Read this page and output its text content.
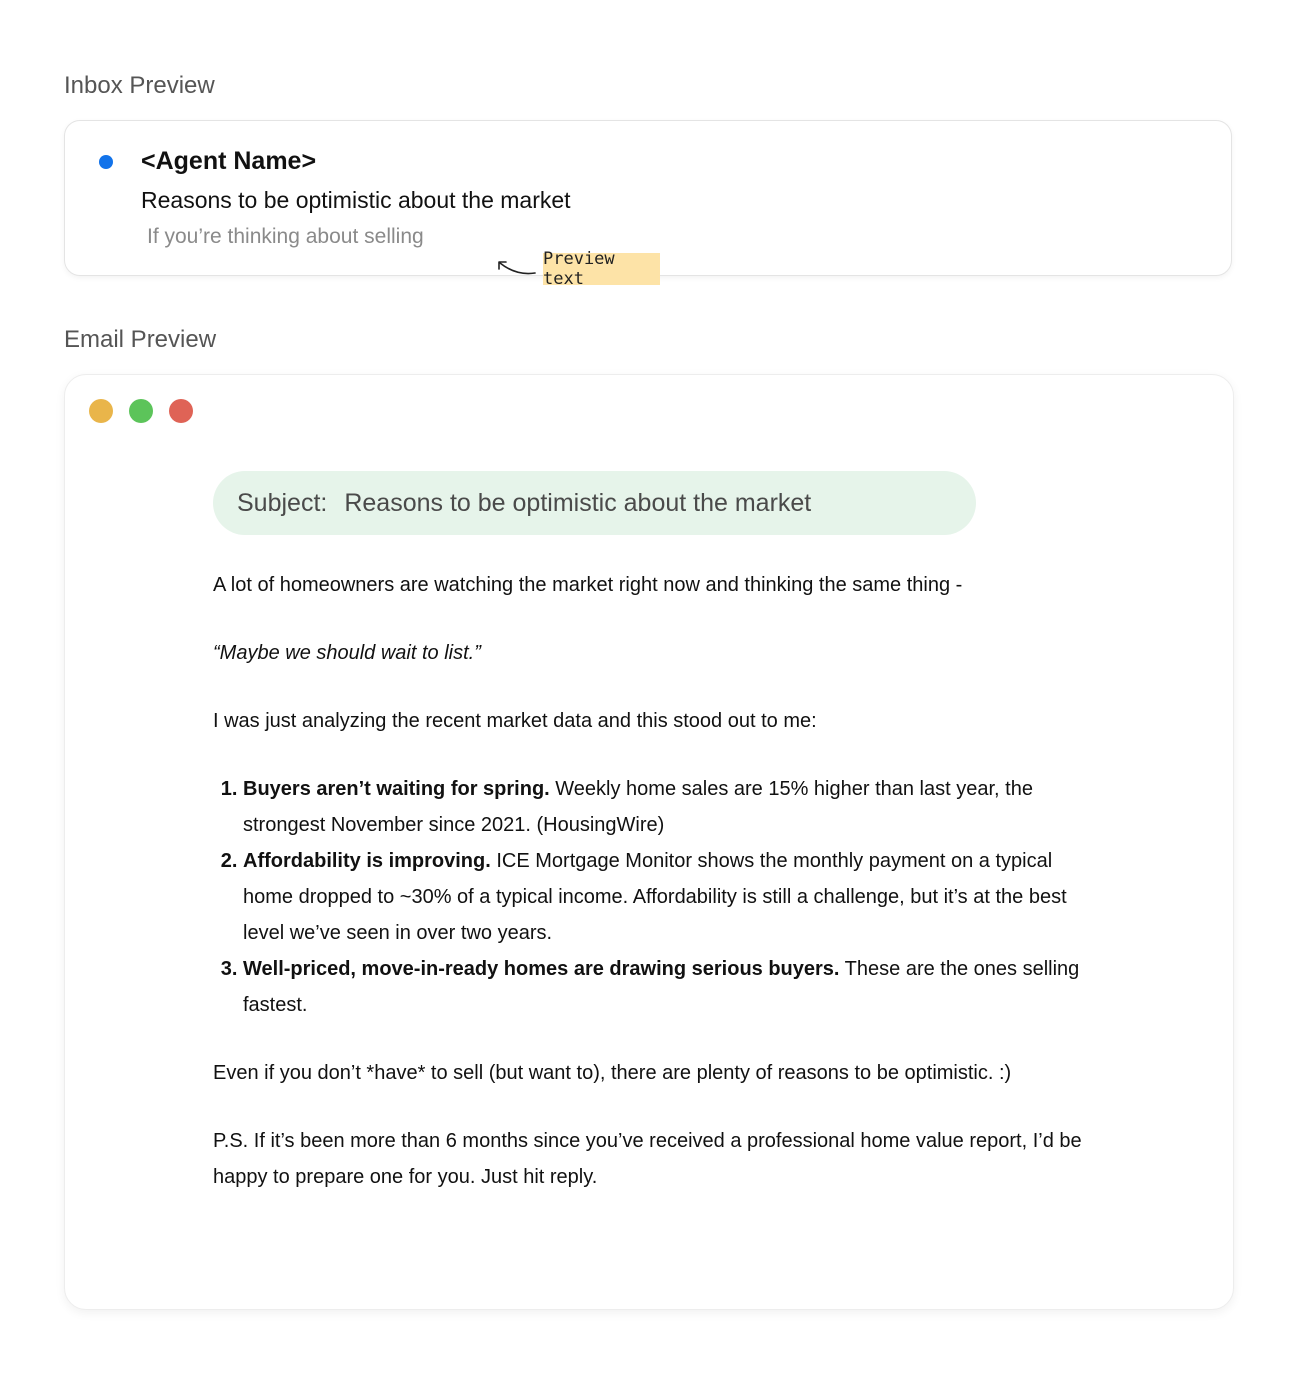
Inbox Preview
<Agent Name>
Reasons to be optimistic about the market
If you’re thinking about selling
Preview text
Email Preview
Subject: Reasons to be optimistic about the market

A lot of homeowners are watching the market right now and thinking the same thing -

“Maybe we should wait to list.”

I was just analyzing the recent market data and this stood out to me:

1. Buyers aren’t waiting for spring. Weekly home sales are 15% higher than last year, the strongest November since 2021. (HousingWire)
2. Affordability is improving. ICE Mortgage Monitor shows the monthly payment on a typical home dropped to ~30% of a typical income. Affordability is still a challenge, but it’s at the best level we’ve seen in over two years.
3. Well-priced, move-in-ready homes are drawing serious buyers. These are the ones selling fastest.

Even if you don’t *have* to sell (but want to), there are plenty of reasons to be optimistic. :)

P.S. If it’s been more than 6 months since you’ve received a professional home value report, I’d be happy to prepare one for you. Just hit reply.
